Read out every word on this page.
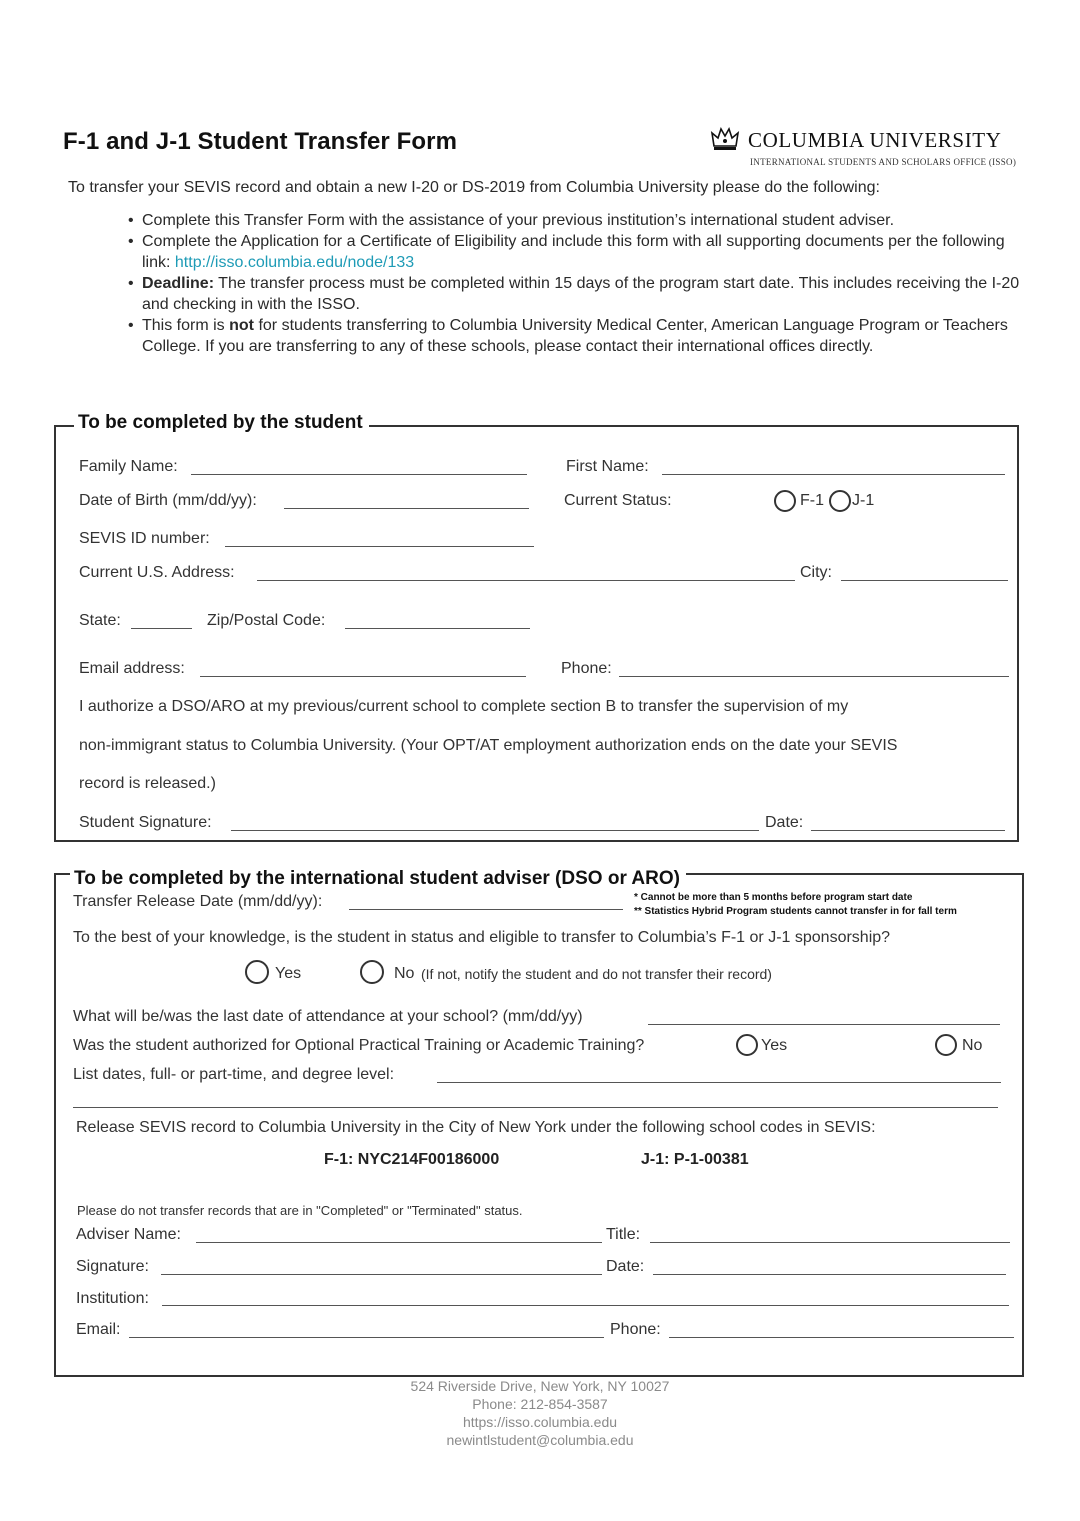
F-1 and J-1 Student Transfer Form	COLUMBIA UNIVERSITY
INTERNATIONAL STUDENTS AND SCHOLARS OFFICE (ISSO)
To transfer your SEVIS record and obtain a new I-20 or DS-2019 from Columbia University please do the following:
• Complete this Transfer Form with the assistance of your previous institution’s international student adviser.
• Complete the Application for a Certificate of Eligibility and include this form with all supporting documents per the following link: http://isso.columbia.edu/node/133
• Deadline: The transfer process must be completed within 15 days of the program start date. This includes receiving the I-20 and checking in with the ISSO.
• This form is not for students transferring to Columbia University Medical Center, American Language Program or Teachers College. If you are transferring to any of these schools, please contact their international offices directly.
To be completed by the student
Family Name:	First Name:
Date of Birth (mm/dd/yy):	Current Status:	F-1 J-1
SEVIS ID number:
Current U.S. Address:	City:
State:	Zip/Postal Code:
Email address:	Phone:
I authorize a DSO/ARO at my previous/current school to complete section B to transfer the supervision of my
non-immigrant status to Columbia University. (Your OPT/AT employment authorization ends on the date your SEVIS
record is released.)
Student Signature:	Date:
To be completed by the international student adviser (DSO or ARO)
Transfer Release Date (mm/dd/yy):	* Cannot be more than 5 months before program start date
** Statistics Hybrid Program students cannot transfer in for fall term
To the best of your knowledge, is the student in status and eligible to transfer to Columbia’s F-1 or J-1 sponsorship?
Yes	No (If not, notify the student and do not transfer their record)
What will be/was the last date of attendance at your school? (mm/dd/yy)
Was the student authorized for Optional Practical Training or Academic Training?	Yes	No
List dates, full- or part-time, and degree level:
Release SEVIS record to Columbia University in the City of New York under the following school codes in SEVIS:
F-1: NYC214F00186000	J-1: P-1-00381
Please do not transfer records that are in "Completed" or "Terminated" status.
Adviser Name:	Title:
Signature:	Date:
Institution:
Email:	Phone:
524 Riverside Drive, New York, NY 10027
Phone: 212-854-3587
https://isso.columbia.edu
newintlstudent@columbia.edu
